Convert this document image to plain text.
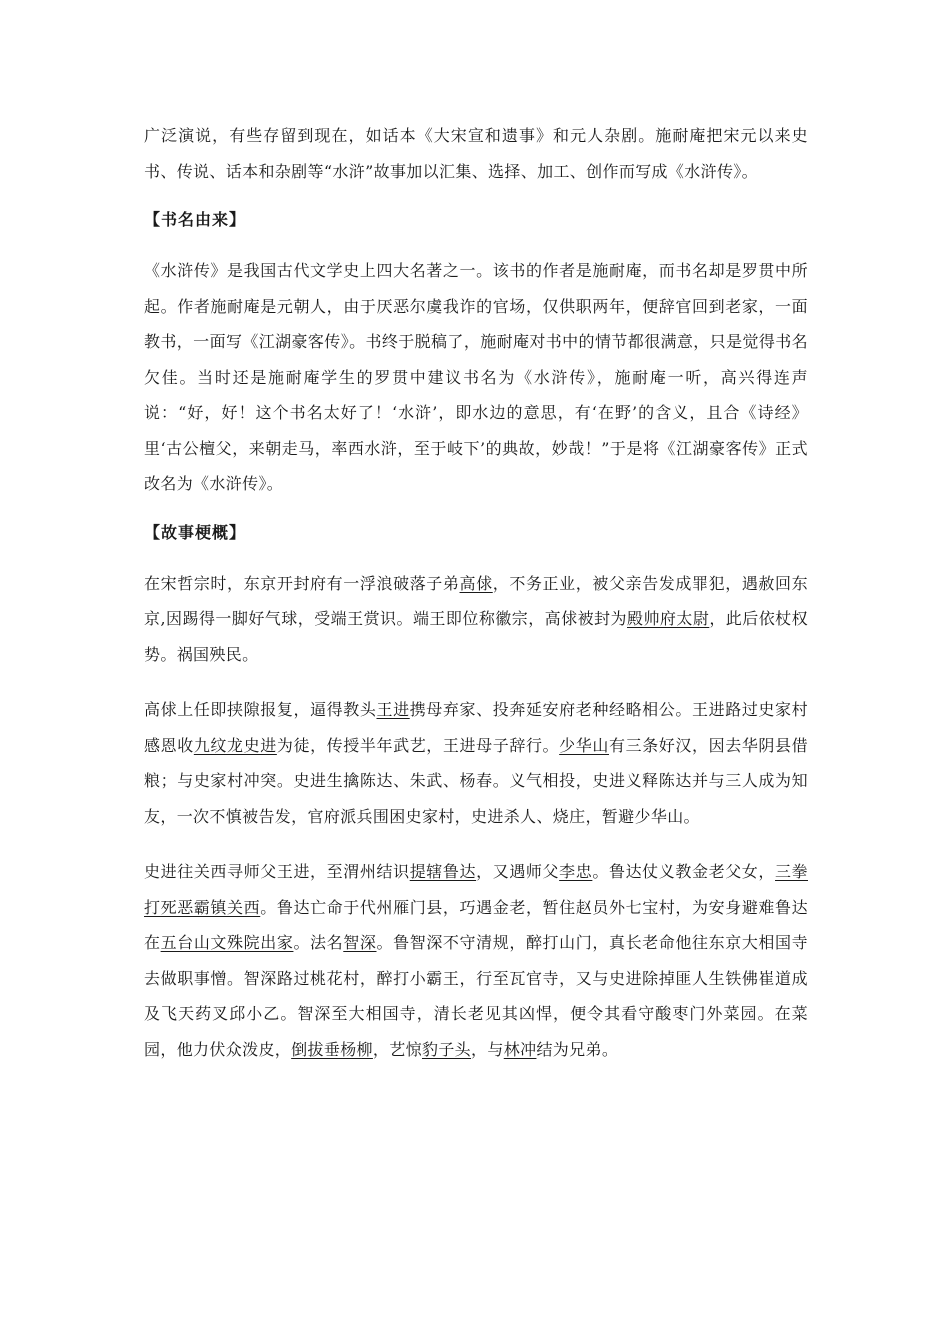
广泛演说，有些存留到现在，如话本《大宋宣和遗事》和元人杂剧。施耐庵把宋元以来史书、传说、话本和杂剧等“水浒”故事加以汇集、选择、加工、创作而写成《水浒传》。

【书名由来】

《水浒传》是我国古代文学史上四大名著之一。该书的作者是施耐庵，而书名却是罗贯中所起。作者施耐庵是元朝人，由于厌恶尔虞我诈的官场，仅供职两年，便辞官回到老家，一面教书，一面写《江湖豪客传》。书终于脱稿了，施耐庵对书中的情节都很满意，只是觉得书名欠佳。当时还是施耐庵学生的罗贯中建议书名为《水浒传》，施耐庵一听，高兴得连声说：“好，好！这个书名太好了！‘水浒’，即水边的意思，有‘在野’的含义，且合《诗经》里‘古公檀父，来朝走马，率西水浒，至于岐下’的典故，妙哉！”于是将《江湖豪客传》正式改名为《水浒传》。

【故事梗概】

在宋哲宗时，东京开封府有一浮浪破落子弟高俅，不务正业，被父亲告发成罪犯，遇赦回东京,因踢得一脚好气球，受端王赏识。端王即位称徽宗，高俅被封为殿帅府太尉，此后依杖权势。祸国殃民。

高俅上任即挟隙报复，逼得教头王进携母弃家、投奔延安府老种经略相公。王进路过史家村感恩收九纹龙史进为徒，传授半年武艺，王进母子辞行。少华山有三条好汉，因去华阴县借粮；与史家村冲突。史进生擒陈达、朱武、杨春。义气相投，史进义释陈达并与三人成为知友，一次不慎被告发，官府派兵围困史家村，史进杀人、烧庄，暂避少华山。

史进往关西寻师父王进，至渭州结识提辖鲁达，又遇师父李忠。鲁达仗义教金老父女，三拳打死恶霸镇关西。鲁达亡命于代州雁门县，巧遇金老，暂住赵员外七宝村，为安身避难鲁达在五台山文殊院出家。法名智深。鲁智深不守清规，醉打山门，真长老命他往东京大相国寺去做职事憎。智深路过桃花村，醉打小霸王，行至瓦官寺，又与史进除掉匪人生铁佛崔道成及飞天药叉邱小乙。智深至大相国寺，清长老见其凶悍，便令其看守酸枣门外菜园。在菜园，他力伏众泼皮，倒拔垂杨柳，艺惊豹子头，与林冲结为兄弟。
